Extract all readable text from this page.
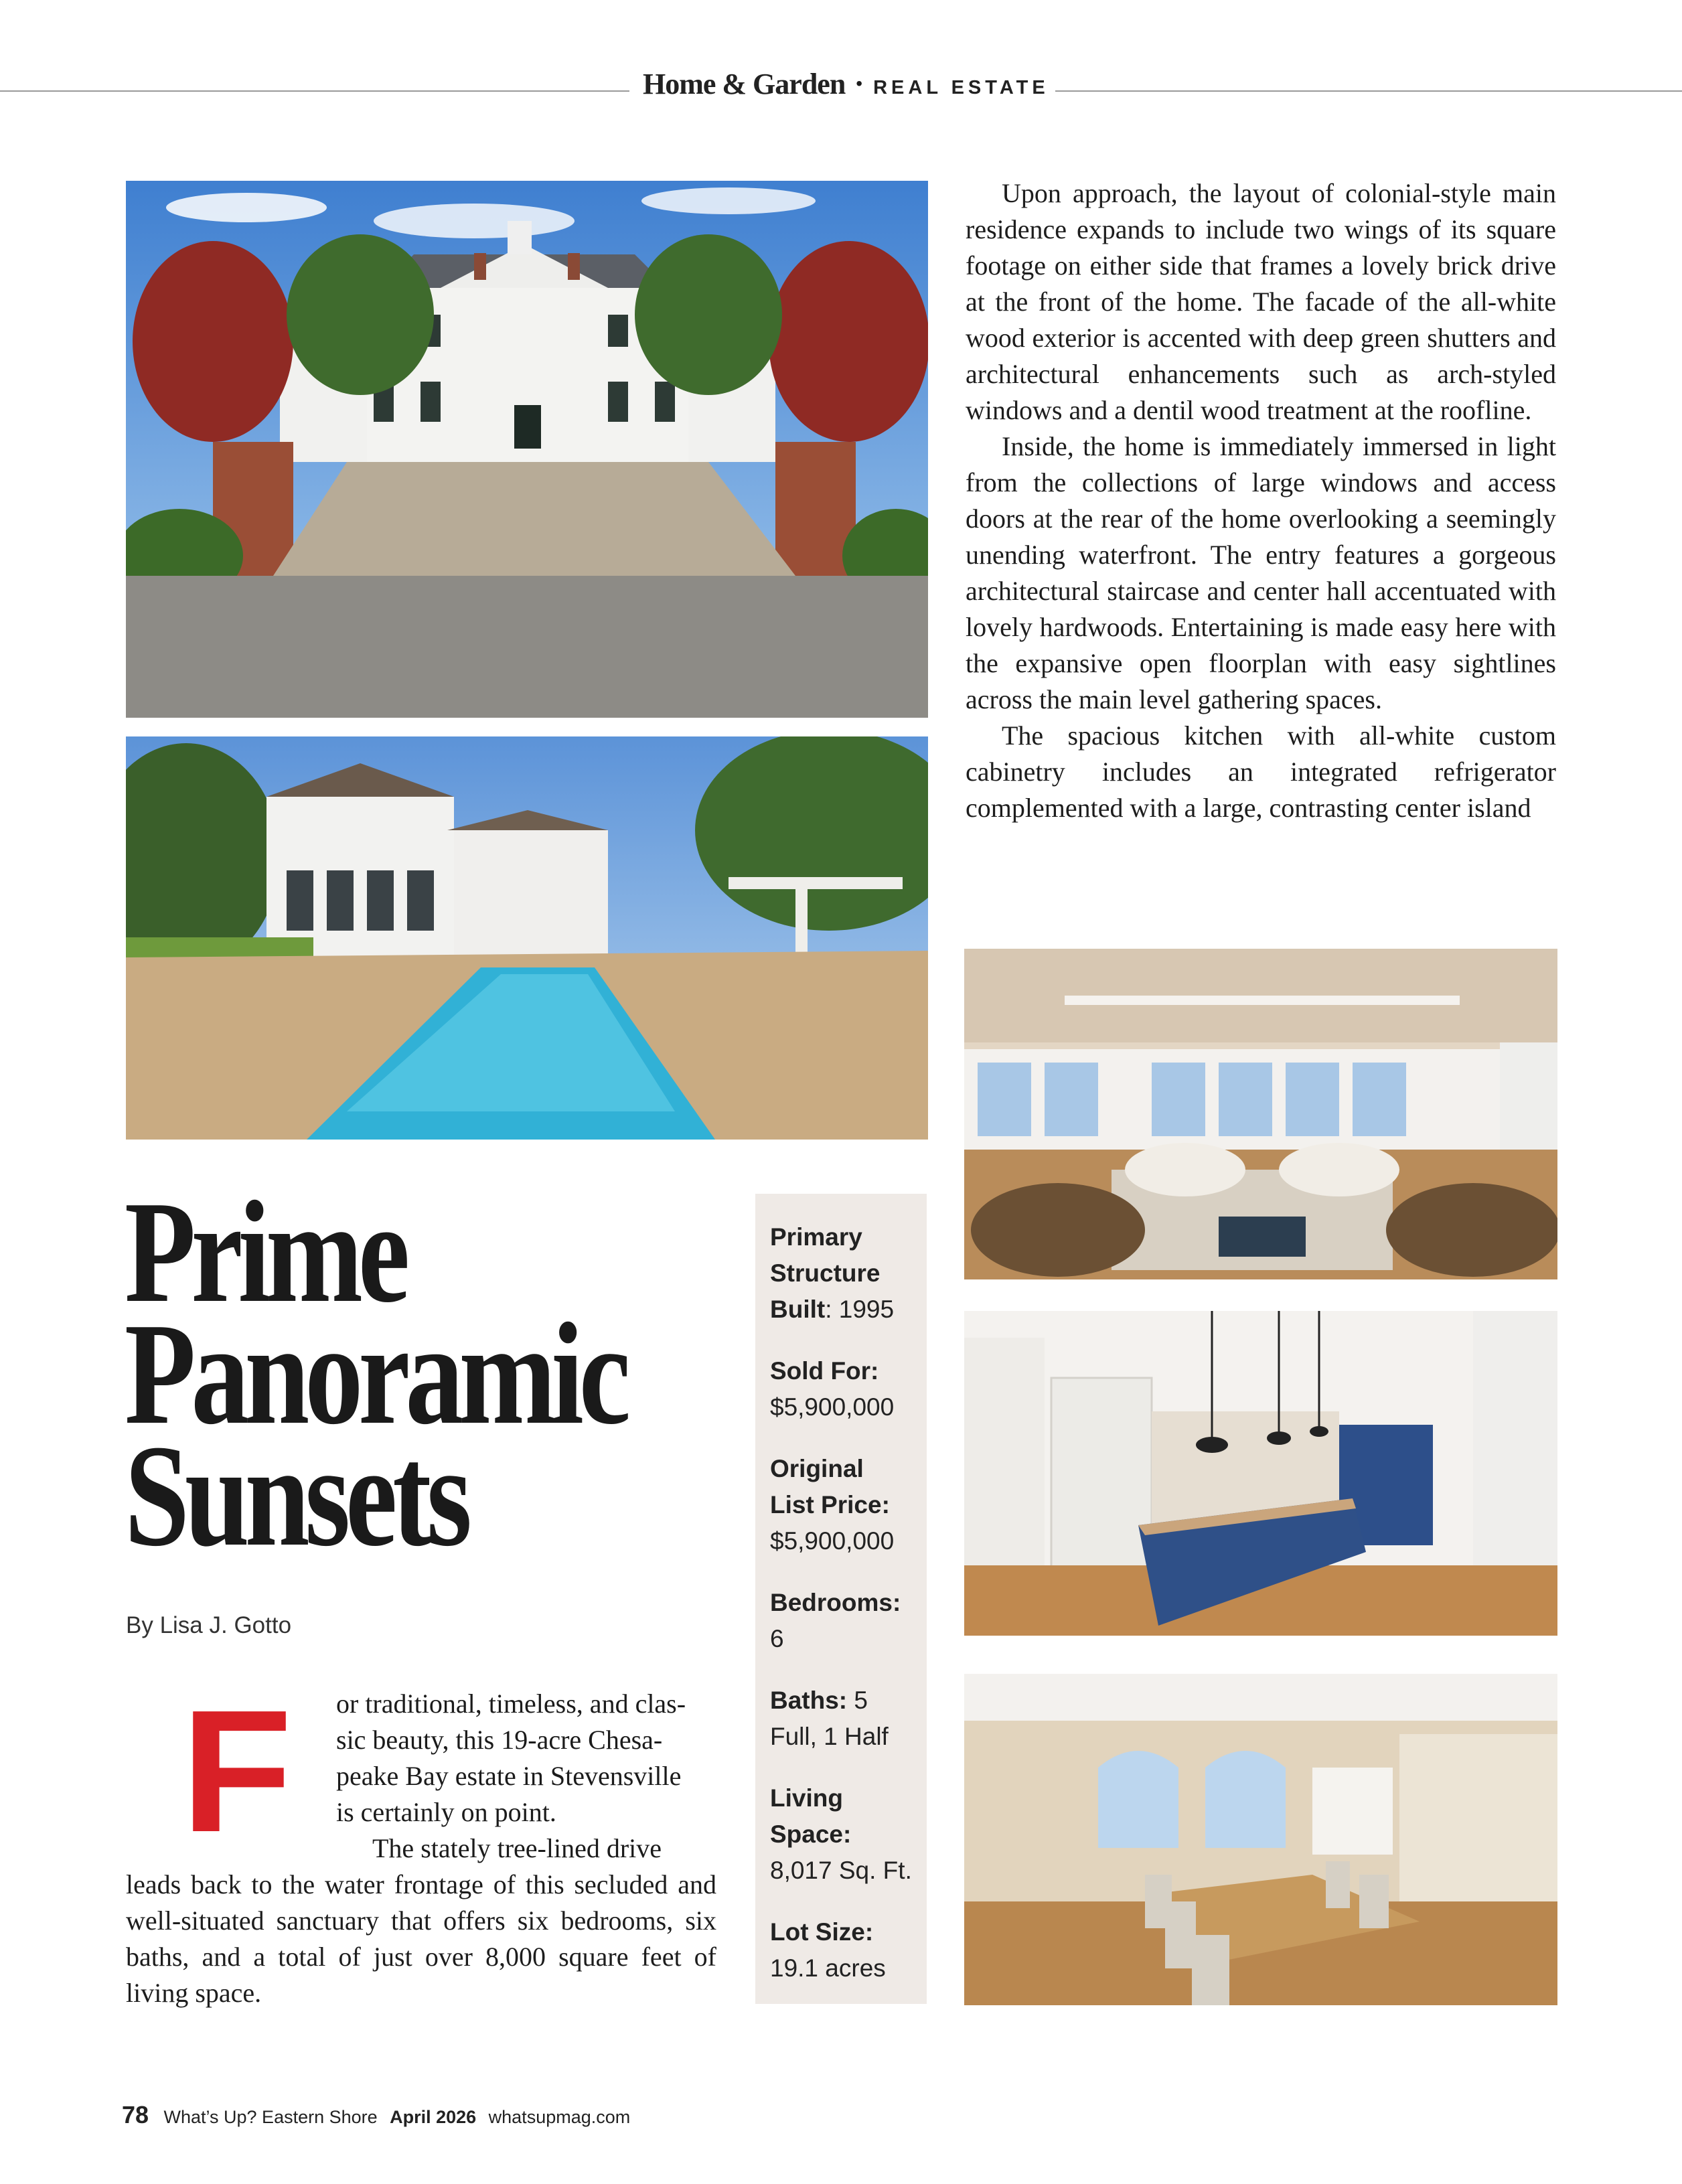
Home & Garden • REAL ESTATE

Upon approach, the layout of colonial-style main residence expands to include two wings of its square footage on either side that frames a lovely brick drive at the front of the home. The facade of the all-white wood exterior is accented with deep green shutters and architectural enhancements such as arch-styled windows and a dentil wood treatment at the roofline.

Inside, the home is immediately immersed in light from the collections of large windows and access doors at the rear of the home overlooking a seemingly unending waterfront. The entry features a gorgeous architectural staircase and center hall accentuated with lovely hardwoods. Entertaining is made easy here with the expansive open floorplan with easy sightlines across the main level gathering spaces.

The spacious kitchen with all-white custom cabinetry includes an integrated refrigerator complemented with a large, contrasting center island

Prime
Panoramic
Sunsets
By Lisa J. Gotto
F or traditional, timeless, and clas-
sic beauty, this 19-acre Chesa-
peake Bay estate in Stevensville
is certainly on point.
The stately tree-lined drive

leads back to the water frontage of this secluded and well-situated sanctuary that offers six bedrooms, six baths, and a total of just over 8,000 square feet of living space.

Primary Structure Built: 1995
Sold For:
$5,900,000
Original List Price:
$5,900,000
Bedrooms:
6
Baths: 5 Full, 1 Half
Living Space:
8,017 Sq. Ft.
Lot Size:
19.1 acres
78 What’s Up? Eastern Shore April 2026 whatsupmag.com
